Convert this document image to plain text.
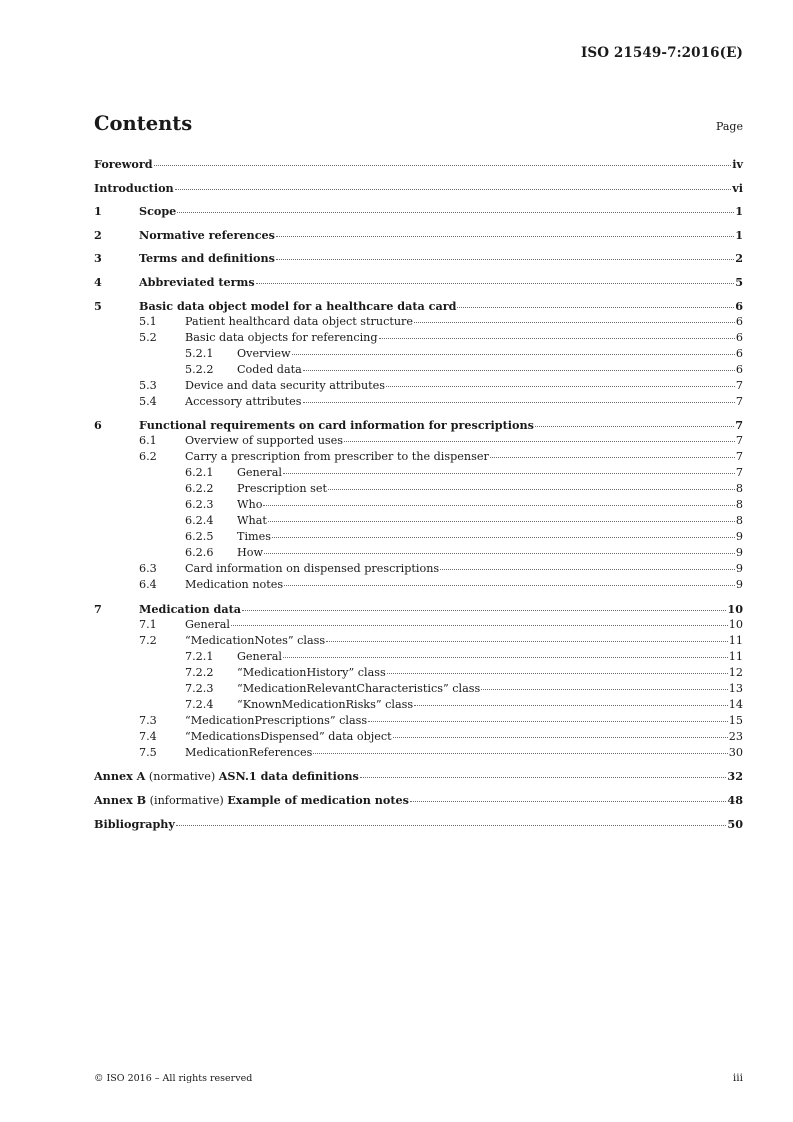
ISO 21549-7:2016(E)
Contents	Page
Foreword	iv
Introduction	vi
1	Scope	1
2	Normative references	1
3	Terms and definitions	2
4	Abbreviated terms	5
5	Basic data object model for a healthcare data card	6
5.1	Patient healthcard data object structure	6
5.2	Basic data objects for referencing	6
5.2.1	Overview	6
5.2.2	Coded data	6
5.3	Device and data security attributes	7
5.4	Accessory attributes	7
6	Functional requirements on card information for prescriptions	7
6.1	Overview of supported uses	7
6.2	Carry a prescription from prescriber to the dispenser	7
6.2.1	General	7
6.2.2	Prescription set	8
6.2.3	Who	8
6.2.4	What	8
6.2.5	Times	9
6.2.6	How	9
6.3	Card information on dispensed prescriptions	9
6.4	Medication notes	9
7	Medication data	10
7.1	General	10
7.2	“MedicationNotes” class	11
7.2.1	General	11
7.2.2	“MedicationHistory” class	12
7.2.3	“MedicationRelevantCharacteristics” class	13
7.2.4	“KnownMedicationRisks” class	14
7.3	“MedicationPrescriptions” class	15
7.4	“MedicationsDispensed” data object	23
7.5	MedicationReferences	30
Annex A (normative) ASN.1 data definitions	32
Annex B (informative) Example of medication notes	48
Bibliography	50
© ISO 2016 – All rights reserved	iii
